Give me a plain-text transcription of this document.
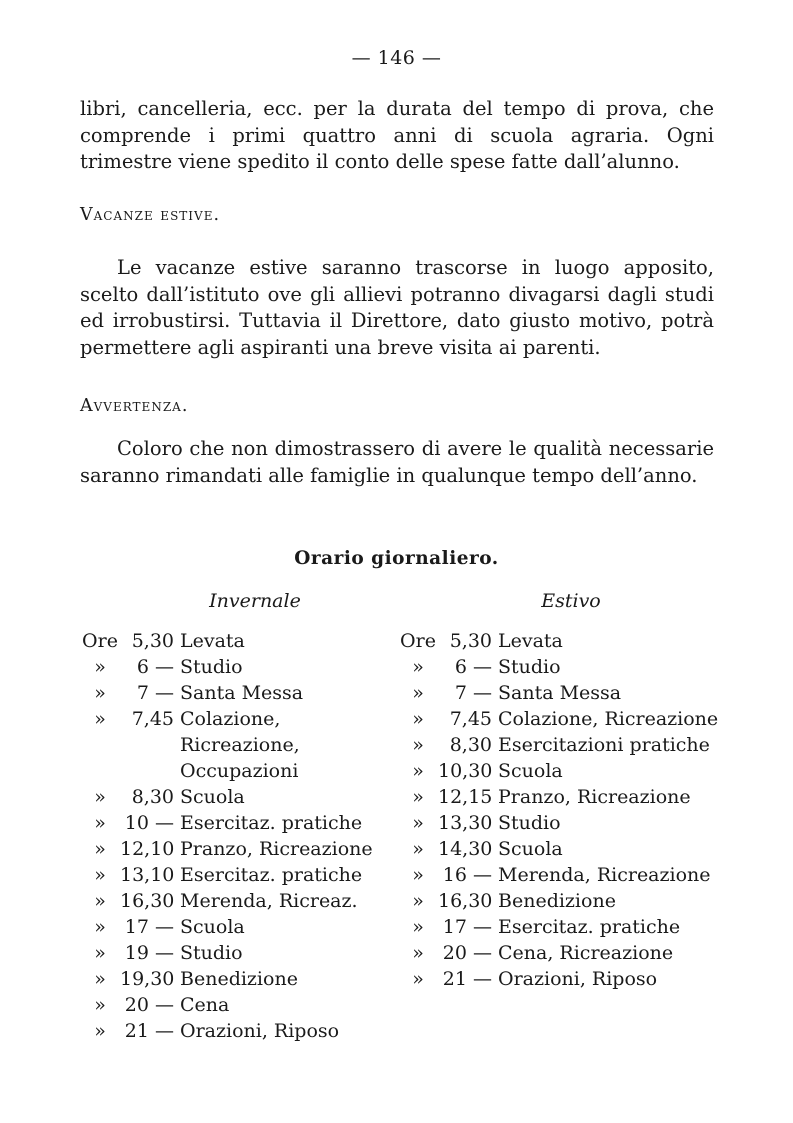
— 146 —

libri, cancelleria, ecc. per la durata del tempo di prova, che comprende i primi quattro anni di scuola agraria. Ogni trimestre viene spedito il conto delle spese fatte dall’alunno.

Vacanze estive.

Le vacanze estive saranno trascorse in luogo apposito, scelto dall’istituto ove gli allievi potranno divagarsi dagli studi ed irrobustirsi. Tuttavia il Direttore, dato giusto motivo, potrà permettere agli aspiranti una breve visita ai parenti.

Avvertenza.

Coloro che non dimostrassero di avere le qualità necessarie saranno rimandati alle famiglie in qualunque tempo dell’anno.

Orario giornaliero.
Invernale	Estivo
Ore 5,30 Levata
»	6 — Studio
»	7 — Santa Messa
»	7,45 Colazione, Ricreazione, Occupazioni
»	8,30 Scuola
» 10 — Esercitaz. pratiche
» 12,10 Pranzo, Ricreazione
» 13,10 Esercitaz. pratiche
» 16,30 Merenda, Ricreaz.
» 17 — Scuola
» 19 — Studio
» 19,30 Benedizione
» 20 — Cena
» 21 — Orazioni, Riposo
Ore 5,30 Levata
»	6 — Studio
»	7 — Santa Messa
»	7,45 Colazione, Ricreazione
»	8,30 Esercitazioni pratiche
» 10,30 Scuola
» 12,15 Pranzo, Ricreazione
» 13,30 Studio
» 14,30 Scuola
» 16 — Merenda, Ricreazione
» 16,30 Benedizione
» 17 — Esercitaz. pratiche
» 20 — Cena, Ricreazione
» 21 — Orazioni, Riposo
